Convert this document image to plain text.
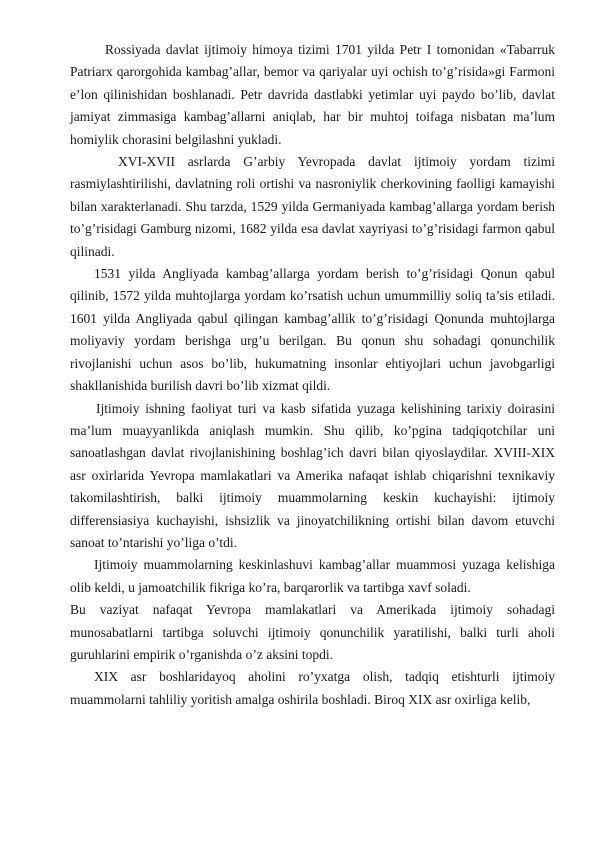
Rossiyada davlat ijtimoiy himoya tizimi 1701 yilda Petr I tomonidan «Tabarruk Patriarx qarorgohida kambag’allar, bemor va qariyalar uyi ochish to’g’risida»gi Farmoni e’lon qilinishidan boshlanadi. Petr davrida dastlabki yetimlar uyi paydo bo’lib, davlat jamiyat zimmasiga kambag’allarni aniqlab, har bir muhtoj toifaga nisbatan ma’lum homiylik chorasini belgilashni yukladi.

XVI-XVII asrlarda G’arbiy Yevropada davlat ijtimoiy yordam tizimi rasmiylashtirilishi, davlatning roli ortishi va nasroniylik cherkovining faolligi kamayishi bilan xarakterlanadi. Shu tarzda, 1529 yilda Germaniyada kambag’allarga yordam berish to’g’risidagi Gamburg nizomi, 1682 yilda esa davlat xayriyasi to’g’risidagi farmon qabul qilinadi.

1531 yilda Angliyada kambag’allarga yordam berish to’g’risidagi Qonun qabul qilinib, 1572 yilda muhtojlarga yordam ko’rsatish uchun umummilliy soliq ta’sis etiladi. 1601 yilda Angliyada qabul qilingan kambag’allik to’g’risidagi Qonunda muhtojlarga moliyaviy yordam berishga urg’u berilgan. Bu qonun shu sohadagi qonunchilik rivojlanishi uchun asos bo’lib, hukumatning insonlar ehtiyojlari uchun javobgarligi shakllanishida burilish davri bo’lib xizmat qildi.

Ijtimoiy ishning faoliyat turi va kasb sifatida yuzaga kelishining tarixiy doirasini ma’lum muayyanlikda aniqlash mumkin. Shu qilib, ko’pgina tadqiqotchilar uni sanoatlashgan davlat rivojlanishining boshlag’ich davri bilan qiyoslaydilar. XVIII-XIX asr oxirlarida Yevropa mamlakatlari va Amerika nafaqat ishlab chiqarishni texnikaviy takomilashtirish, balki ijtimoiy muammolarning keskin kuchayishi: ijtimoiy differensiasiya kuchayishi, ishsizlik va jinoyatchilikning ortishi bilan davom etuvchi sanoat to’ntarishi yo’liga o’tdi.

Ijtimoiy muammolarning keskinlashuvi kambag’allar muammosi yuzaga kelishiga olib keldi, u jamoatchilik fikriga ko’ra, barqarorlik va tartibga xavf soladi.

Bu vaziyat nafaqat Yevropa mamlakatlari va Amerikada ijtimoiy sohadagi munosabatlarni tartibga soluvchi ijtimoiy qonunchilik yaratilishi, balki turli aholi guruhlarini empirik o’rganishda o’z aksini topdi.

XIX asr boshlaridayoq aholini ro’yxatga olish, tadqiq etishturli ijtimoiy muammolarni tahliliy yoritish amalga oshirila boshladi. Biroq XIX asr oxirliga kelib,
